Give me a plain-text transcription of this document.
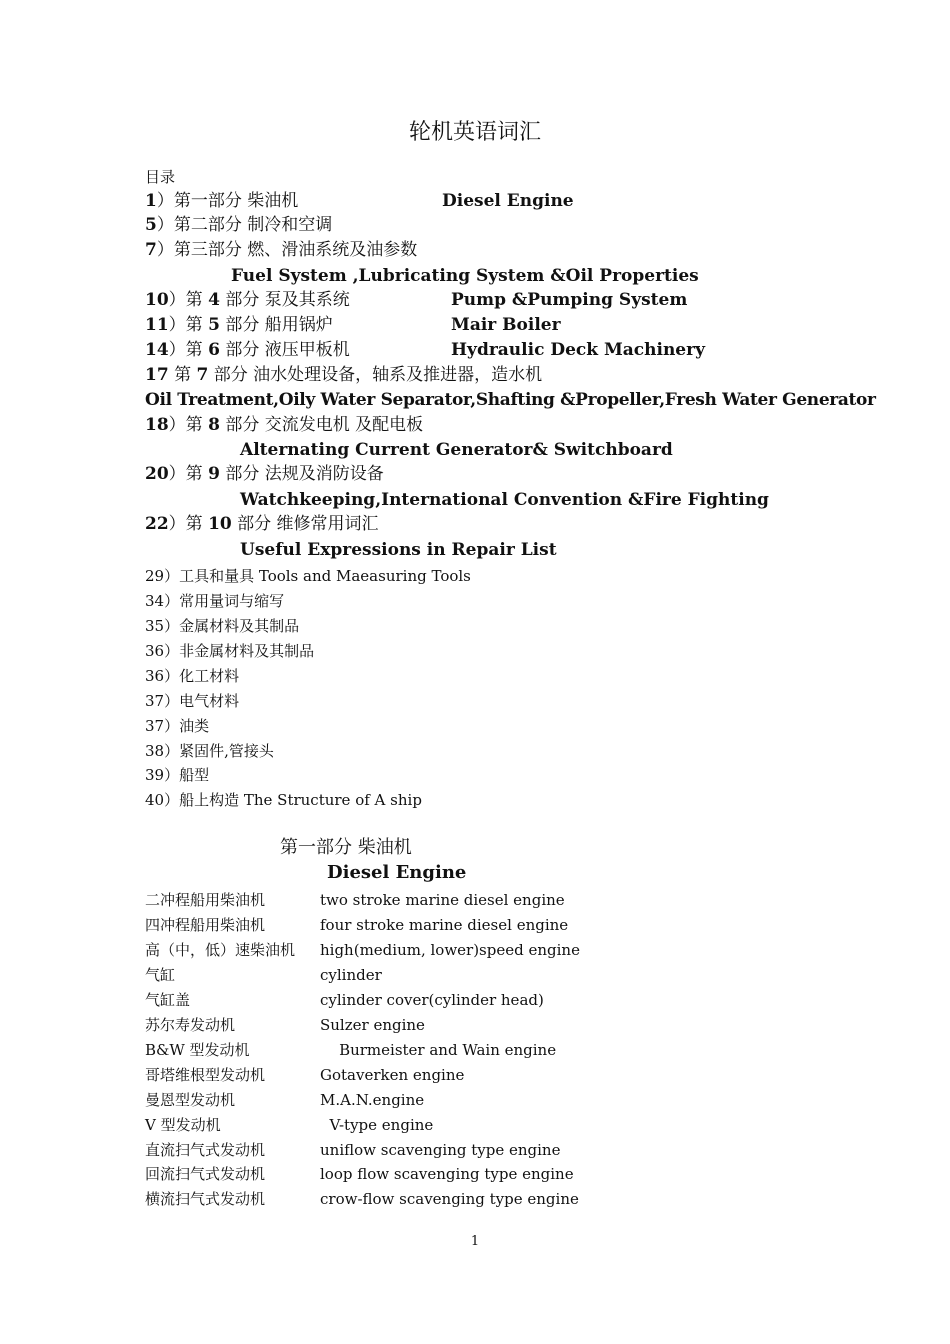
轮机英语词汇
目录
1）第一部分 柴油机	Diesel Engine
5）第二部分 制冷和空调
7）第三部分 燃、滑油系统及油参数
Fuel System ,Lubricating System &Oil Properties
10）第 4 部分 泵及其系统	Pump &Pumping System
11）第 5 部分 船用锅炉	Mair Boiler
14）第 6 部分 液压甲板机	Hydraulic Deck Machinery
17 第 7 部分 油水处理设备，轴系及推进器，造水机
Oil Treatment,Oily Water Separator,Shafting &Propeller,Fresh Water Generator
18）第 8 部分 交流发电机 及配电板
Alternating Current Generator& Switchboard
20）第 9 部分 法规及消防设备
Watchkeeping,International Convention &Fire Fighting
22）第 10 部分 维修常用词汇
Useful Expressions in Repair List
29）工具和量具 Tools and Maeasuring Tools
34）常用量词与缩写
35）金属材料及其制品
36）非金属材料及其制品
36）化工材料
37）电气材料
37）油类
38）紧固件,管接头
39）船型
40）船上构造 The Structure of A ship
第一部分 柴油机
Diesel Engine
二冲程船用柴油机	two stroke marine diesel engine
四冲程船用柴油机	four stroke marine diesel engine
高（中，低）速柴油机 high(medium, lower)speed engine
气缸	cylinder
气缸盖	cylinder cover(cylinder head)
苏尔寿发动机	Sulzer engine
B&W 型发动机	Burmeister and Wain engine
哥塔维根型发动机	Gotaverken engine
曼恩型发动机	M.A.N.engine
V 型发动机	V-type engine
直流扫气式发动机	uniflow scavenging type engine
回流扫气式发动机	loop flow scavenging type engine
横流扫气式发动机	crow-flow scavenging type engine
1
